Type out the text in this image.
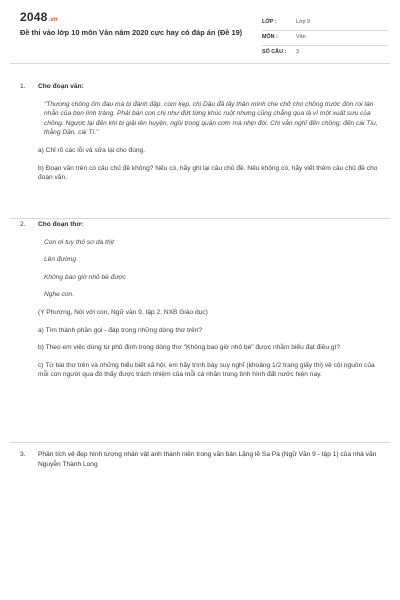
2048.vn
Đề thi vào lớp 10 môn Văn năm 2020 cực hay có đáp án (Đề 19)
LỚP :	Lớp 9
MÔN :	Văn
SỐ CÂU : 3
1. Cho đoạn văn:
"Thương chồng ốm đau mà bị đánh đập, cùm kẹp, chị Dậu đã lấy thân mình che chở cho chồng trước đòn roi tàn nhẫn của bọn lính tráng. Phải bán con chị như đứt từng khúc ruột nhưng cũng chẳng qua là vì một xuất sưu của chồng. Ngược lại đến khi bị giải lên huyện, ngồi trong quán cơm mà nhịn đói. Chị vẫn nghĩ đến chồng, đến cái Tíu, thằng Dần, cái Tí."
a) Chỉ rõ các lỗi và sửa lại cho đúng.
b) Đoạn văn trên có câu chủ đề không? Nếu có, hãy ghi lại câu chủ đề. Nếu không có, hãy viết thêm câu chủ đề cho đoạn văn.
2. Cho đoạn thơ:
Con ơi tuy thô sơ da thịt
Lên đường
Không bao giờ nhỏ bé được
Nghe con.
(Y Phương, Nói với con, Ngữ văn 9, tập 2, NXB Giáo dục)
a) Tìm thành phần gọi - đáp trong những dòng thơ trên?
b) Theo em việc dùng từ phủ định trong dòng thơ "Không bao giờ nhỏ bé" được nhằm biểu đạt điều gì?
c) Từ bài thơ trên và những hiểu biết xã hội, em hãy trình bày suy nghĩ (khoảng 1/2 trang giấy thi) về cội nguồn của mỗi con người qua đó thấy được trách nhiệm của mỗi cá nhân trong tình hình đất nước hiện nay.
3. Phân tích vẻ đẹp hình tượng nhân vật anh thanh niên trong văn bản Lặng lẽ Sa Pa (Ngữ Văn 9 - tập 1) của nhà văn Nguyễn Thành Long
